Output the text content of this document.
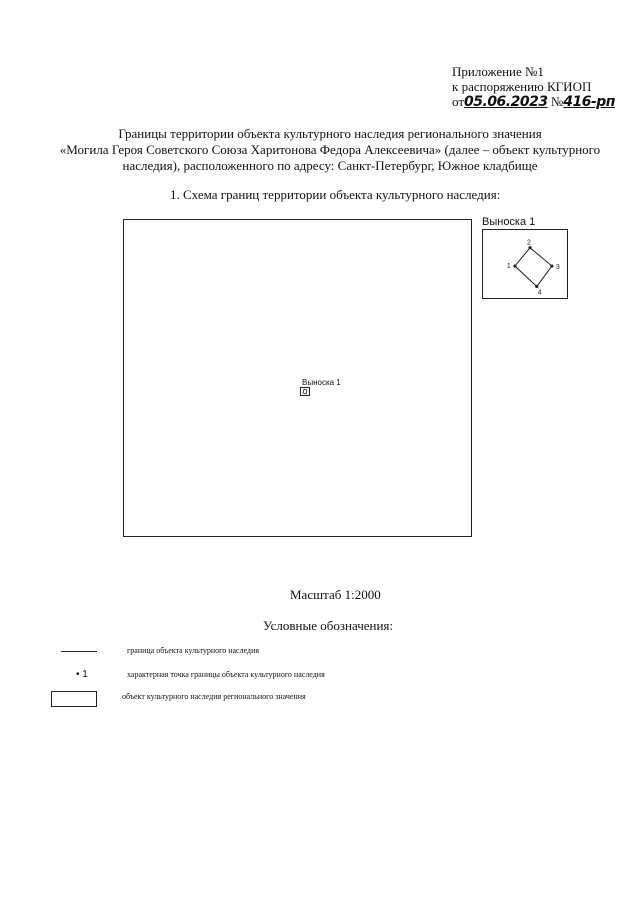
Приложение №1
к распоряжению КГИОП
от05.06.2023 №416-рп
Границы территории объекта культурного наследия регионального значения
«Могила Героя Советского Союза Харитонова Федора Алексеевича» (далее – объект культурного
наследия), расположенного по адресу: Санкт-Петербург, Южное кладбище
1. Схема границ территории объекта культурного наследия:
Выноска 1
Выноска 1
1
2
3
4
Масштаб 1:2000
Условные обозначения:
граница объекта культурного наследия
• 1	характерная точка границы объекта культурного наследия
объект культурного наследия регионального значения
